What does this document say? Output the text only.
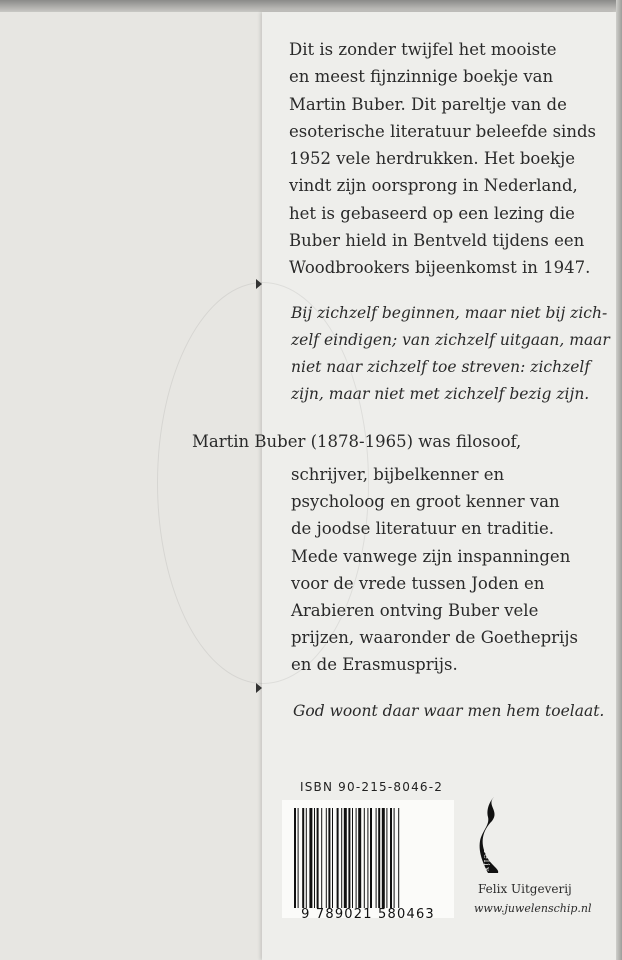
Dit is zonder twijfel het mooiste
en meest fijnzinnige boekje van
Martin Buber. Dit pareltje van de
esoterische literatuur beleefde sinds
1952 vele herdrukken. Het boekje
vindt zijn oorsprong in Nederland,
het is gebaseerd op een lezing die
Buber hield in Bentveld tijdens een
Woodbrookers bijeenkomst in 1947.
Bij zichzelf beginnen, maar niet bij zich-
zelf eindigen; van zichzelf uitgaan, maar
niet naar zichzelf toe streven: zichzelf
zijn, maar niet met zichzelf bezig zijn.
Martin Buber (1878-1965) was filosoof,
schrijver, bijbelkenner en
psycholoog en groot kenner van
de joodse literatuur en traditie.
Mede vanwege zijn inspanningen
voor de vrede tussen Joden en
Arabieren ontving Buber vele
prijzen, waaronder de Goetheprijs
en de Erasmusprijs.
God woont daar waar men hem toelaat.
ISBN 90-215-8046-2
9 789021 580463
felix
Felix Uitgeverij
www.juwelenschip.nl
